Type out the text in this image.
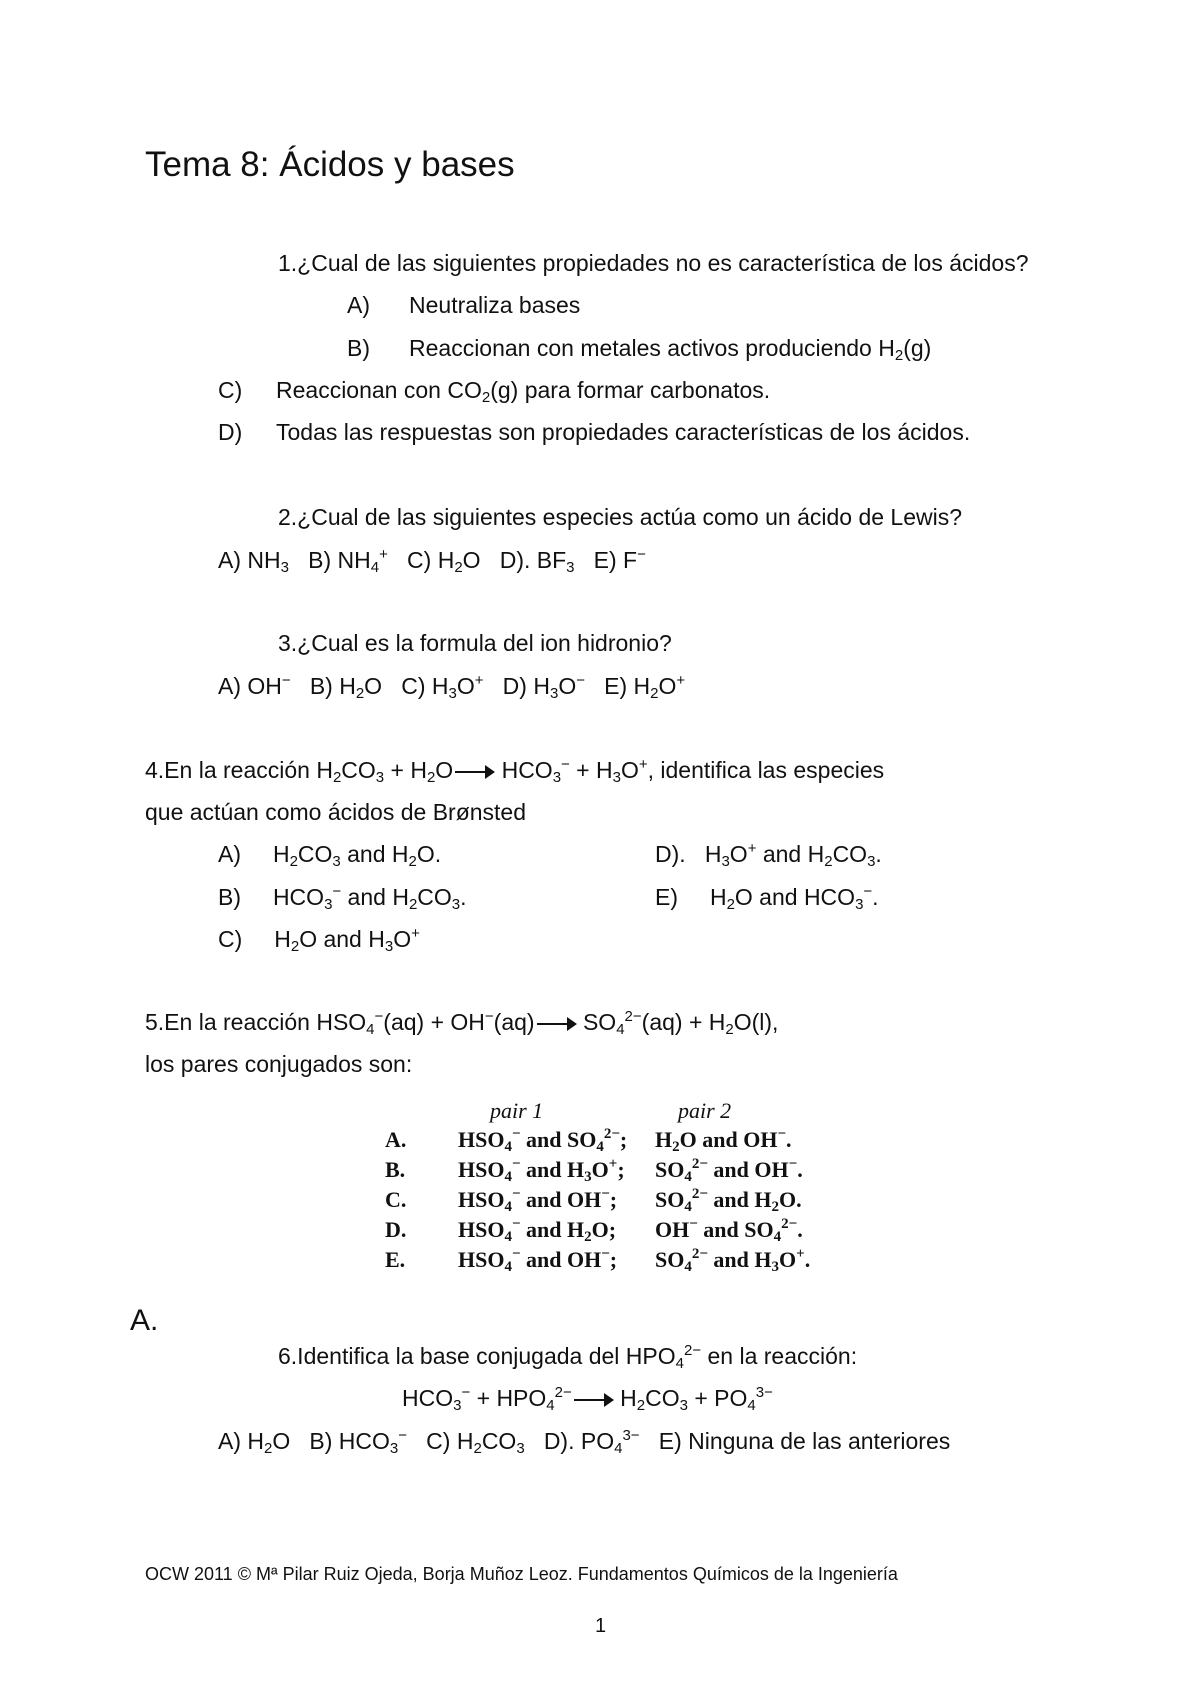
Tema 8: Ácidos y bases
1.¿Cual de las siguientes propiedades no es característica de los ácidos?
A) Neutraliza bases
B) Reaccionan con metales activos produciendo $H_2(g)$
C) Reaccionan con $CO_2(g)$ para formar carbonatos.
D) Todas las respuestas son propiedades características de los ácidos.
2.¿Cual de las siguientes especies actúa como un ácido de Lewis?
A) $NH_3$   B) $NH_4^+$   C) $H_2O$   D). $BF_3$   E) F−
3.¿Cual es la formula del ion hidronio?
A) OH−   B) $H_2O$   C) $H_3O^+$   D) $H_3O^-$   E) $H_2O^+$
4.En la reacción $H_2CO_3 + H_2O \to HCO_3^- + H_3O^+$, identifica las especies
que actúan como ácidos de Brønsted
A)     $H_2CO_3$ and $H_2O$.
B)     $HCO_3^-$ and $H_2CO_3$.
C)     $H_2O$ and $H_3O^+$
D).   $H_3O^+$ and $H_2CO_3$.
E)     $H_2O$ and $HCO_3^-$.
5.En la reacción $HSO_4^-(aq) + OH^-(aq) \to SO_4^{2-}(aq) + H_2O(l)$,
los pares conjugados son:
pair 1	pair 2
A. $HSO_4^-$ and $SO_4^{2-}$; $H_2O$ and OH−.
B. $HSO_4^-$ and $H_3O^+$; $SO_4^{2-}$ and OH−.
C. $HSO_4^-$ and OH−; $SO_4^{2-}$ and $H_2O$.
D. $HSO_4^-$ and $H_2O$; OH− and $SO_4^{2-}$.
E. $HSO_4^-$ and OH−; $SO_4^{2-}$ and $H_3O^+$.
A.
6.Identifica la base conjugada del $HPO_4^{2-}$ en la reacción:
$HCO_3^- + HPO_4^{2-} \to H_2CO_3 + PO_4^{3-}$
A) $H_2O$   B) $HCO_3^-$   C) $H_2CO_3$   D). $PO_4^{3-}$   E) Ninguna de las anteriores
OCW 2011 © Mª Pilar Ruiz Ojeda, Borja Muñoz Leoz. Fundamentos Químicos de la Ingeniería
1
